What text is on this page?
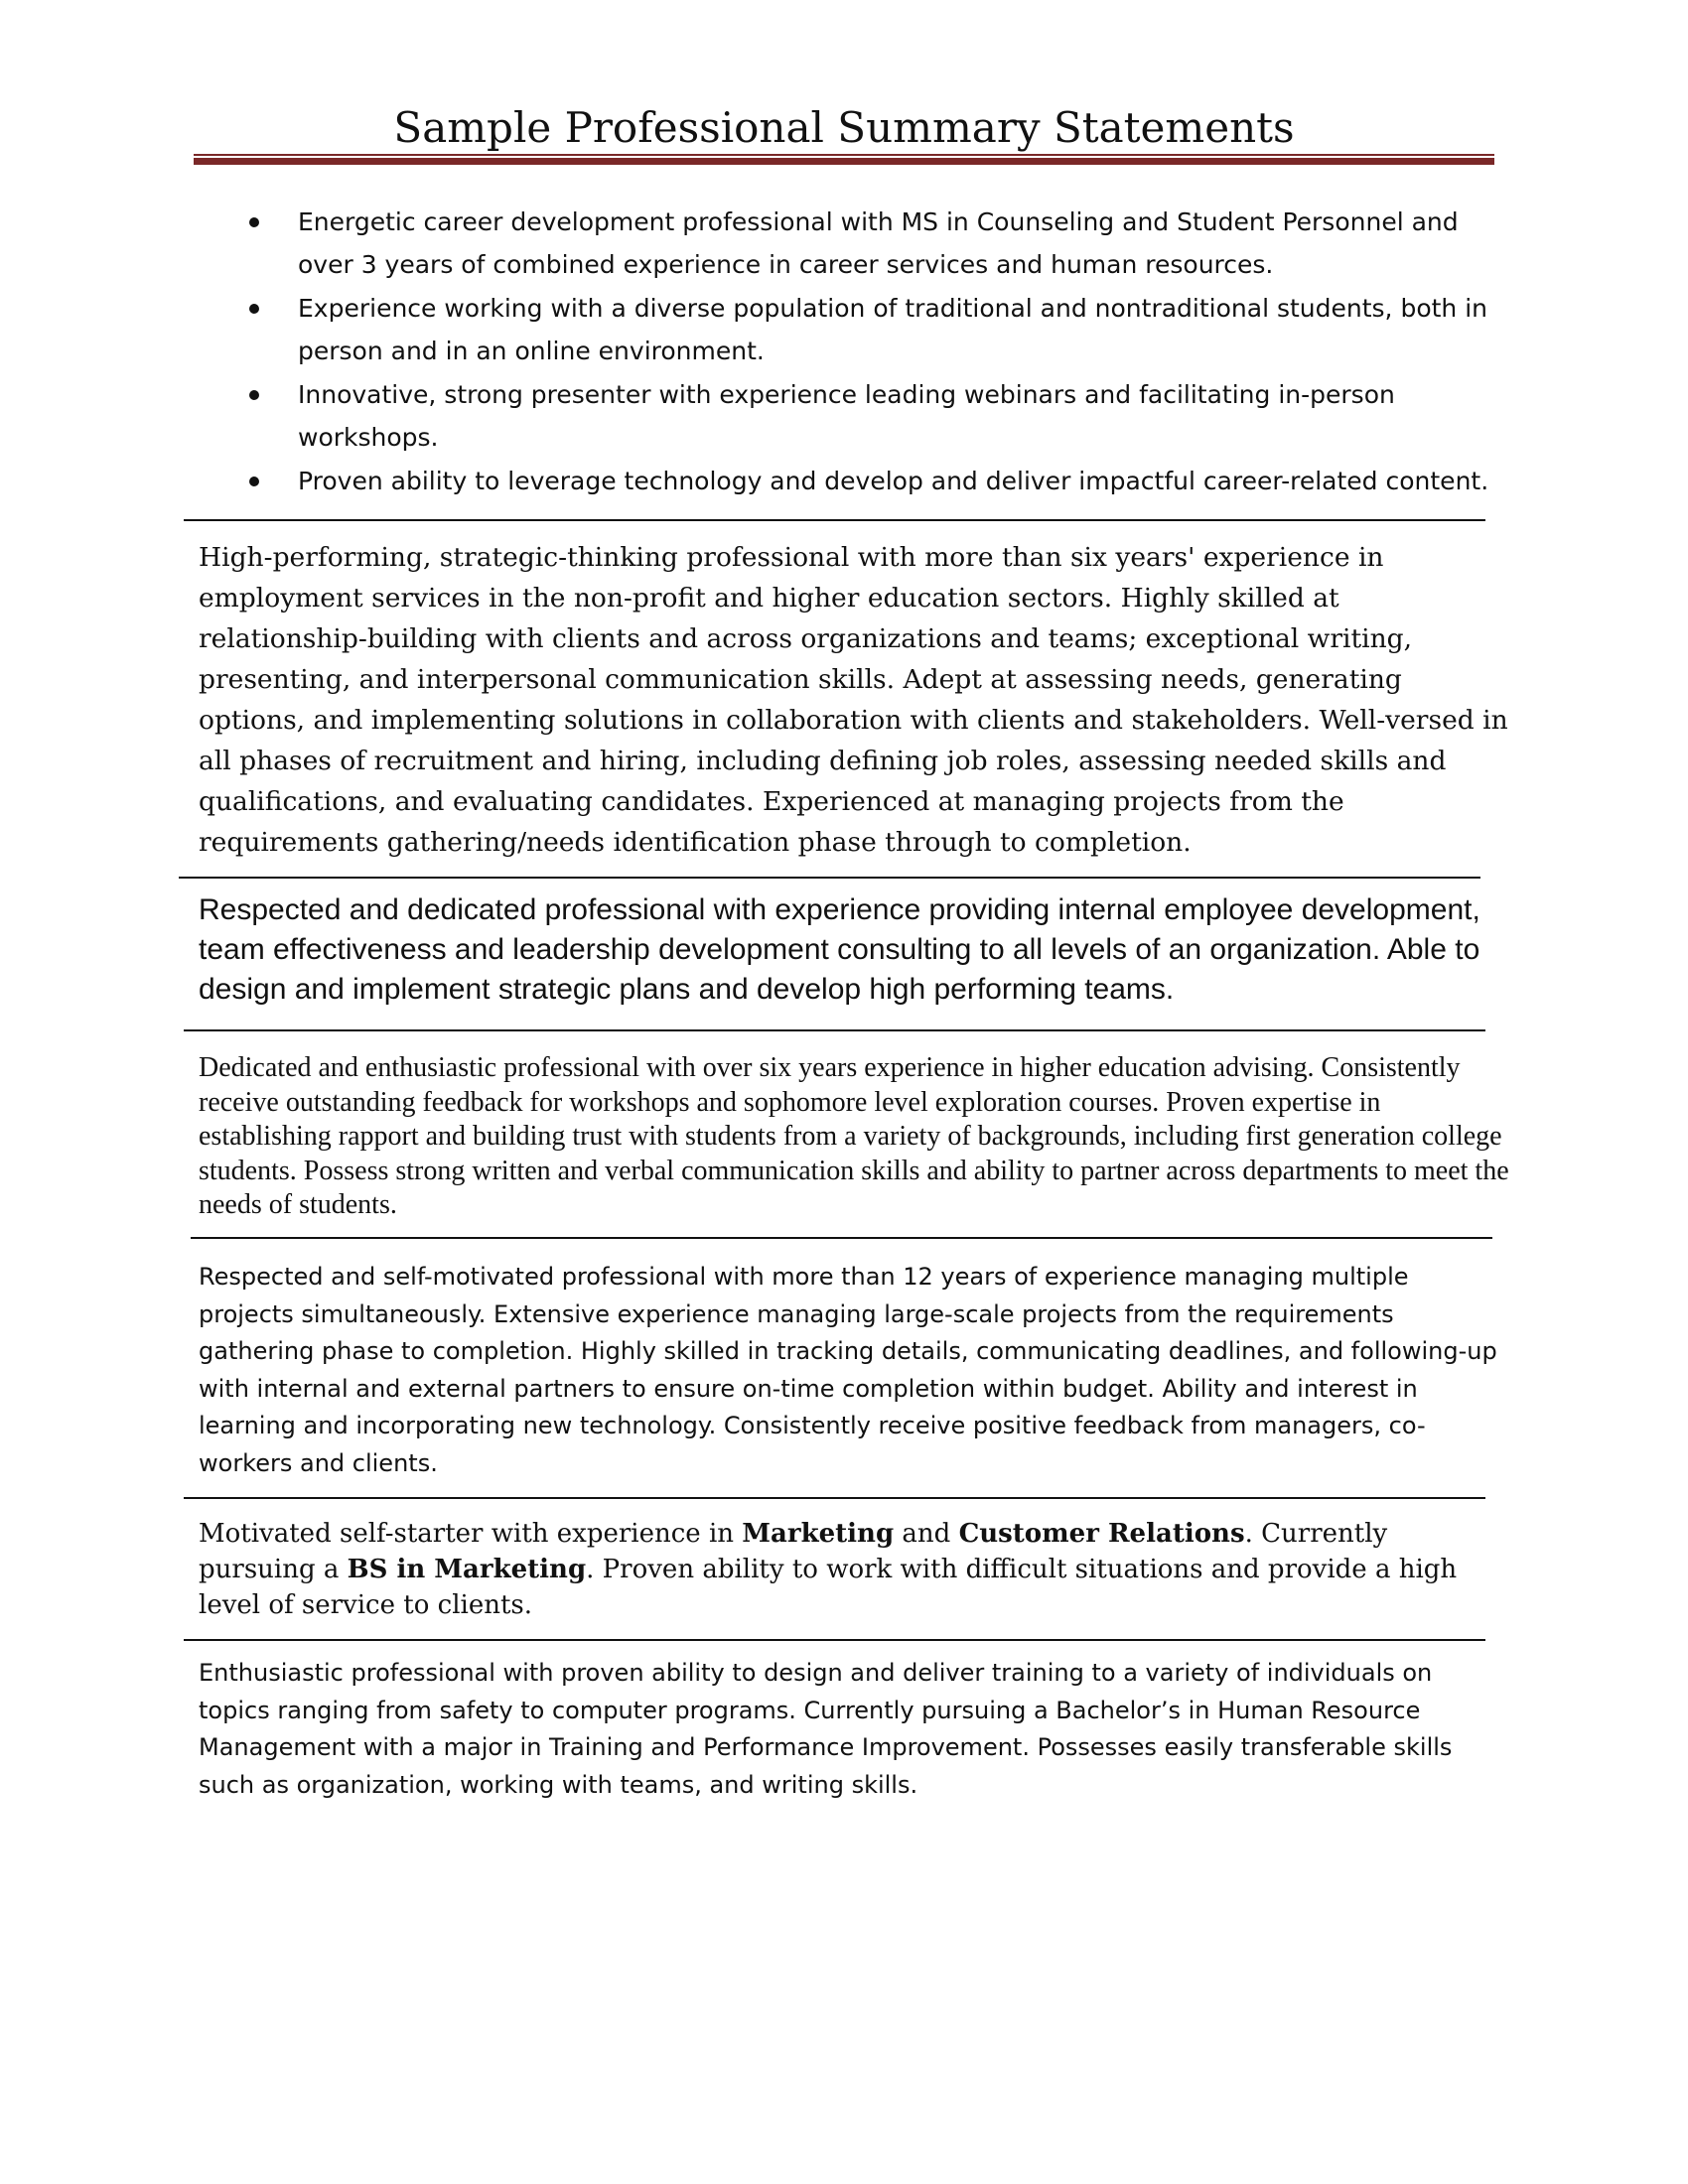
Sample Professional Summary Statements
Energetic career development professional with MS in Counseling and Student Personnel and over 3 years of combined experience in career services and human resources.
Experience working with a diverse population of traditional and nontraditional students, both in person and in an online environment.
Innovative, strong presenter with experience leading webinars and facilitating in-person workshops.
Proven ability to leverage technology and develop and deliver impactful career-related content.

High-performing, strategic-thinking professional with more than six years' experience in employment services in the non-profit and higher education sectors. Highly skilled at relationship-building with clients and across organizations and teams; exceptional writing, presenting, and interpersonal communication skills. Adept at assessing needs, generating options, and implementing solutions in collaboration with clients and stakeholders. Well-versed in all phases of recruitment and hiring, including defining job roles, assessing needed skills and qualifications, and evaluating candidates. Experienced at managing projects from the requirements gathering/needs identification phase through to completion.

Respected and dedicated professional with experience providing internal employee development, team effectiveness and leadership development consulting to all levels of an organization. Able to design and implement strategic plans and develop high performing teams.

Dedicated and enthusiastic professional with over six years experience in higher education advising. Consistently receive outstanding feedback for workshops and sophomore level exploration courses. Proven expertise in establishing rapport and building trust with students from a variety of backgrounds, including first generation college students. Possess strong written and verbal communication skills and ability to partner across departments to meet the needs of students.

Respected and self-motivated professional with more than 12 years of experience managing multiple projects simultaneously. Extensive experience managing large-scale projects from the requirements gathering phase to completion. Highly skilled in tracking details, communicating deadlines, and following-up with internal and external partners to ensure on-time completion within budget. Ability and interest in learning and incorporating new technology. Consistently receive positive feedback from managers, co-workers and clients.

Motivated self-starter with experience in Marketing and Customer Relations. Currently pursuing a BS in Marketing. Proven ability to work with difficult situations and provide a high level of service to clients.

Enthusiastic professional with proven ability to design and deliver training to a variety of individuals on topics ranging from safety to computer programs. Currently pursuing a Bachelor’s in Human Resource Management with a major in Training and Performance Improvement. Possesses easily transferable skills such as organization, working with teams, and writing skills.
